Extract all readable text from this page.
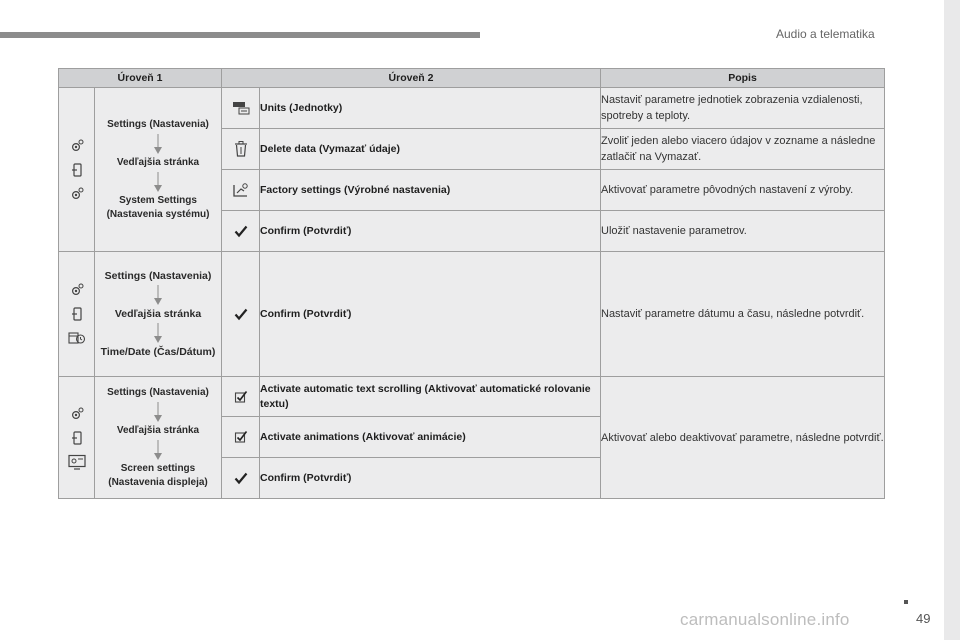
Audio a telematika
49
carmanualsonline.info
Úroveň 1		Úroveň 2		Popis

Settings (Nastavenia)
Vedľajšia stránka
System Settings (Nastavenia systému)		Units (Jednotky)	Nastaviť parametre jednotiek zobrazenia vzdialenosti, spotreby a teploty.

	Delete data (Vymazať údaje)	Zvoliť jeden alebo viacero údajov v zozname a následne zatlačiť na Vymazať.

	Factory settings (Výrobné nastavenia)	Aktivovať parametre pôvodných nastavení z výroby.

	Confirm (Potvrdiť)	Uložiť nastavenie parametrov.

Settings (Nastavenia)
Vedľajšia stránka
Time/Date (Čas/Dátum)		Confirm (Potvrdiť)	Nastaviť parametre dátumu a času, následne potvrdiť.

Settings (Nastavenia)
Vedľajšia stránka
Screen settings (Nastavenia displeja)		Activate automatic text scrolling (Aktivovať automatické rolovanie textu)	Aktivovať alebo deaktivovať parametre, následne potvrdiť.

	Activate animations (Aktivovať animácie)	

	Confirm (Potvrdiť)	
